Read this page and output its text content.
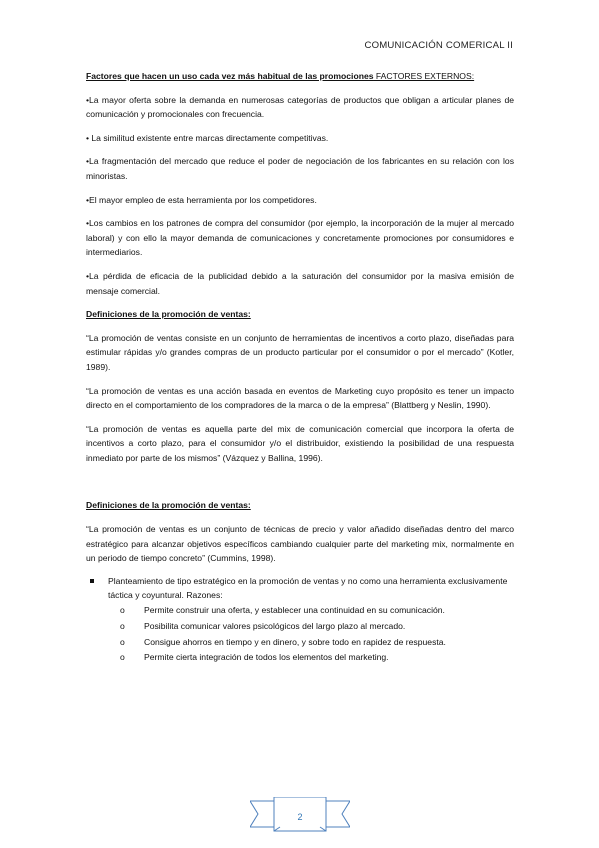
COMUNICACIÓN COMERICAL II

Factores que hacen un uso cada vez más habitual de las promociones FACTORES EXTERNOS:

•La mayor oferta sobre la demanda en numerosas categorías de productos que obligan a articular planes de comunicación y promocionales con frecuencia.

• La similitud existente entre marcas directamente competitivas.

•La fragmentación del mercado que reduce el poder de negociación de los fabricantes en su relación con los minoristas.

•El mayor empleo de esta herramienta por los competidores.

•Los cambios en los patrones de compra del consumidor (por ejemplo, la incorporación de la mujer al mercado laboral) y con ello la mayor demanda de comunicaciones y concretamente promociones por consumidores e intermediarios.

•La pérdida de eficacia de la publicidad debido a la saturación del consumidor por la masiva emisión de mensaje comercial.

Definiciones de la promoción de ventas:

“La promoción de ventas consiste en un conjunto de herramientas de incentivos a corto plazo, diseñadas para estimular rápidas y/o grandes compras de un producto particular por el consumidor o por el mercado” (Kotler, 1989).

“La promoción de ventas es una acción basada en eventos de Marketing cuyo propósito es tener un impacto directo en el comportamiento de los compradores de la marca o de la empresa” (Blattberg y Neslin, 1990).

“La promoción de ventas es aquella parte del mix de comunicación comercial que incorpora la oferta de incentivos a corto plazo, para el consumidor y/o el distribuidor, existiendo la posibilidad de una respuesta inmediato por parte de los mismos” (Vázquez y Ballina, 1996).

Definiciones de la promoción de ventas:

“La promoción de ventas es un conjunto de técnicas de precio y valor añadido diseñadas dentro del marco estratégico para alcanzar objetivos específicos cambiando cualquier parte del marketing mix, normalmente en un periodo de tiempo concreto” (Cummins, 1998).

Planteamiento de tipo estratégico en la promoción de ventas y no como una herramienta exclusivamente táctica y coyuntural. Razones:
o Permite construir una oferta, y establecer una continuidad en su comunicación.
o Posibilita comunicar valores psicológicos del largo plazo al mercado.
o Consigue ahorros en tiempo y en dinero, y sobre todo en rapidez de respuesta.
o Permite cierta integración de todos los elementos del marketing.
2
